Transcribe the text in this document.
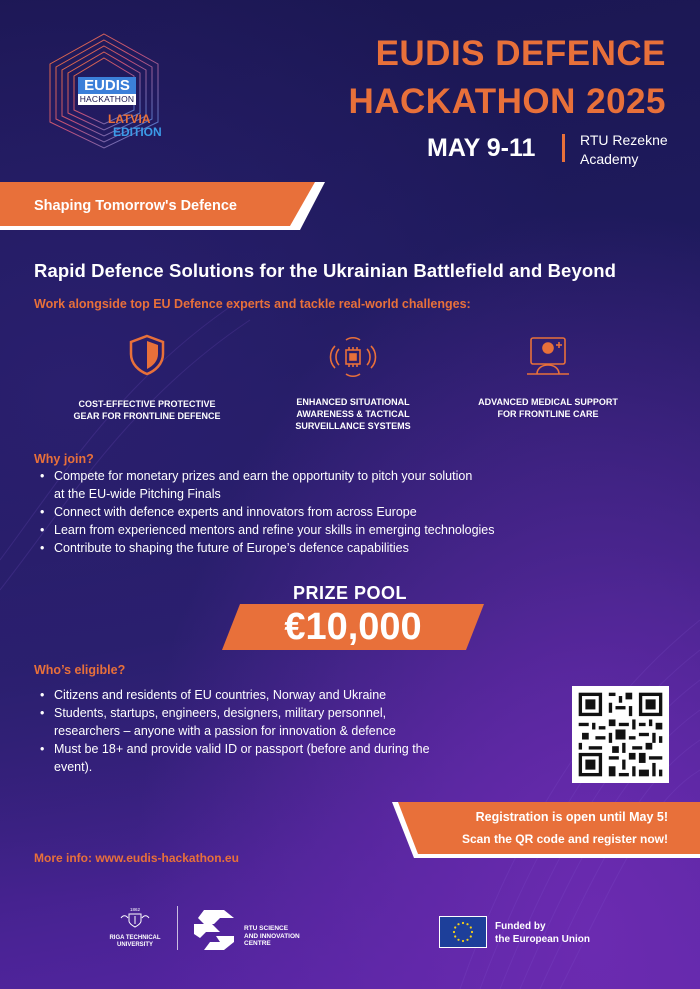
EUDIS
HACKATHON
LATVIA
EDITION
EUDIS DEFENCE
HACKATHON 2025
MAY 9-11	RTU Rezekne
Academy
Shaping Tomorrow's Defence
Rapid Defence Solutions for the Ukrainian Battlefield and Beyond
Work alongside top EU Defence experts and tackle real-world challenges:
COST-EFFECTIVE PROTECTIVE
GEAR FOR FRONTLINE DEFENCE
ENHANCED SITUATIONAL
AWARENESS & TACTICAL
SURVEILLANCE SYSTEMS
ADVANCED MEDICAL SUPPORT
FOR FRONTLINE CARE
Why join?
• Compete for monetary prizes and earn the opportunity to pitch your solution
at the EU-wide Pitching Finals
• Connect with defence experts and innovators from across Europe
• Learn from experienced mentors and refine your skills in emerging technologies
• Contribute to shaping the future of Europe’s defence capabilities
PRIZE POOL
€10,000
Who’s eligible?
• Citizens and residents of EU countries, Norway and Ukraine
• Students, startups, engineers, designers, military personnel,
researchers – anyone with a passion for innovation & defence
• Must be 18+ and provide valid ID or passport (before and during the
event).
Registration is open until May 5!
Scan the QR code and register now!
More info: www.eudis-hackathon.eu
1862
RIGA TECHNICAL
UNIVERSITY
RTU SCIENCE
AND INNOVATION
CENTRE
Funded by
the European Union
